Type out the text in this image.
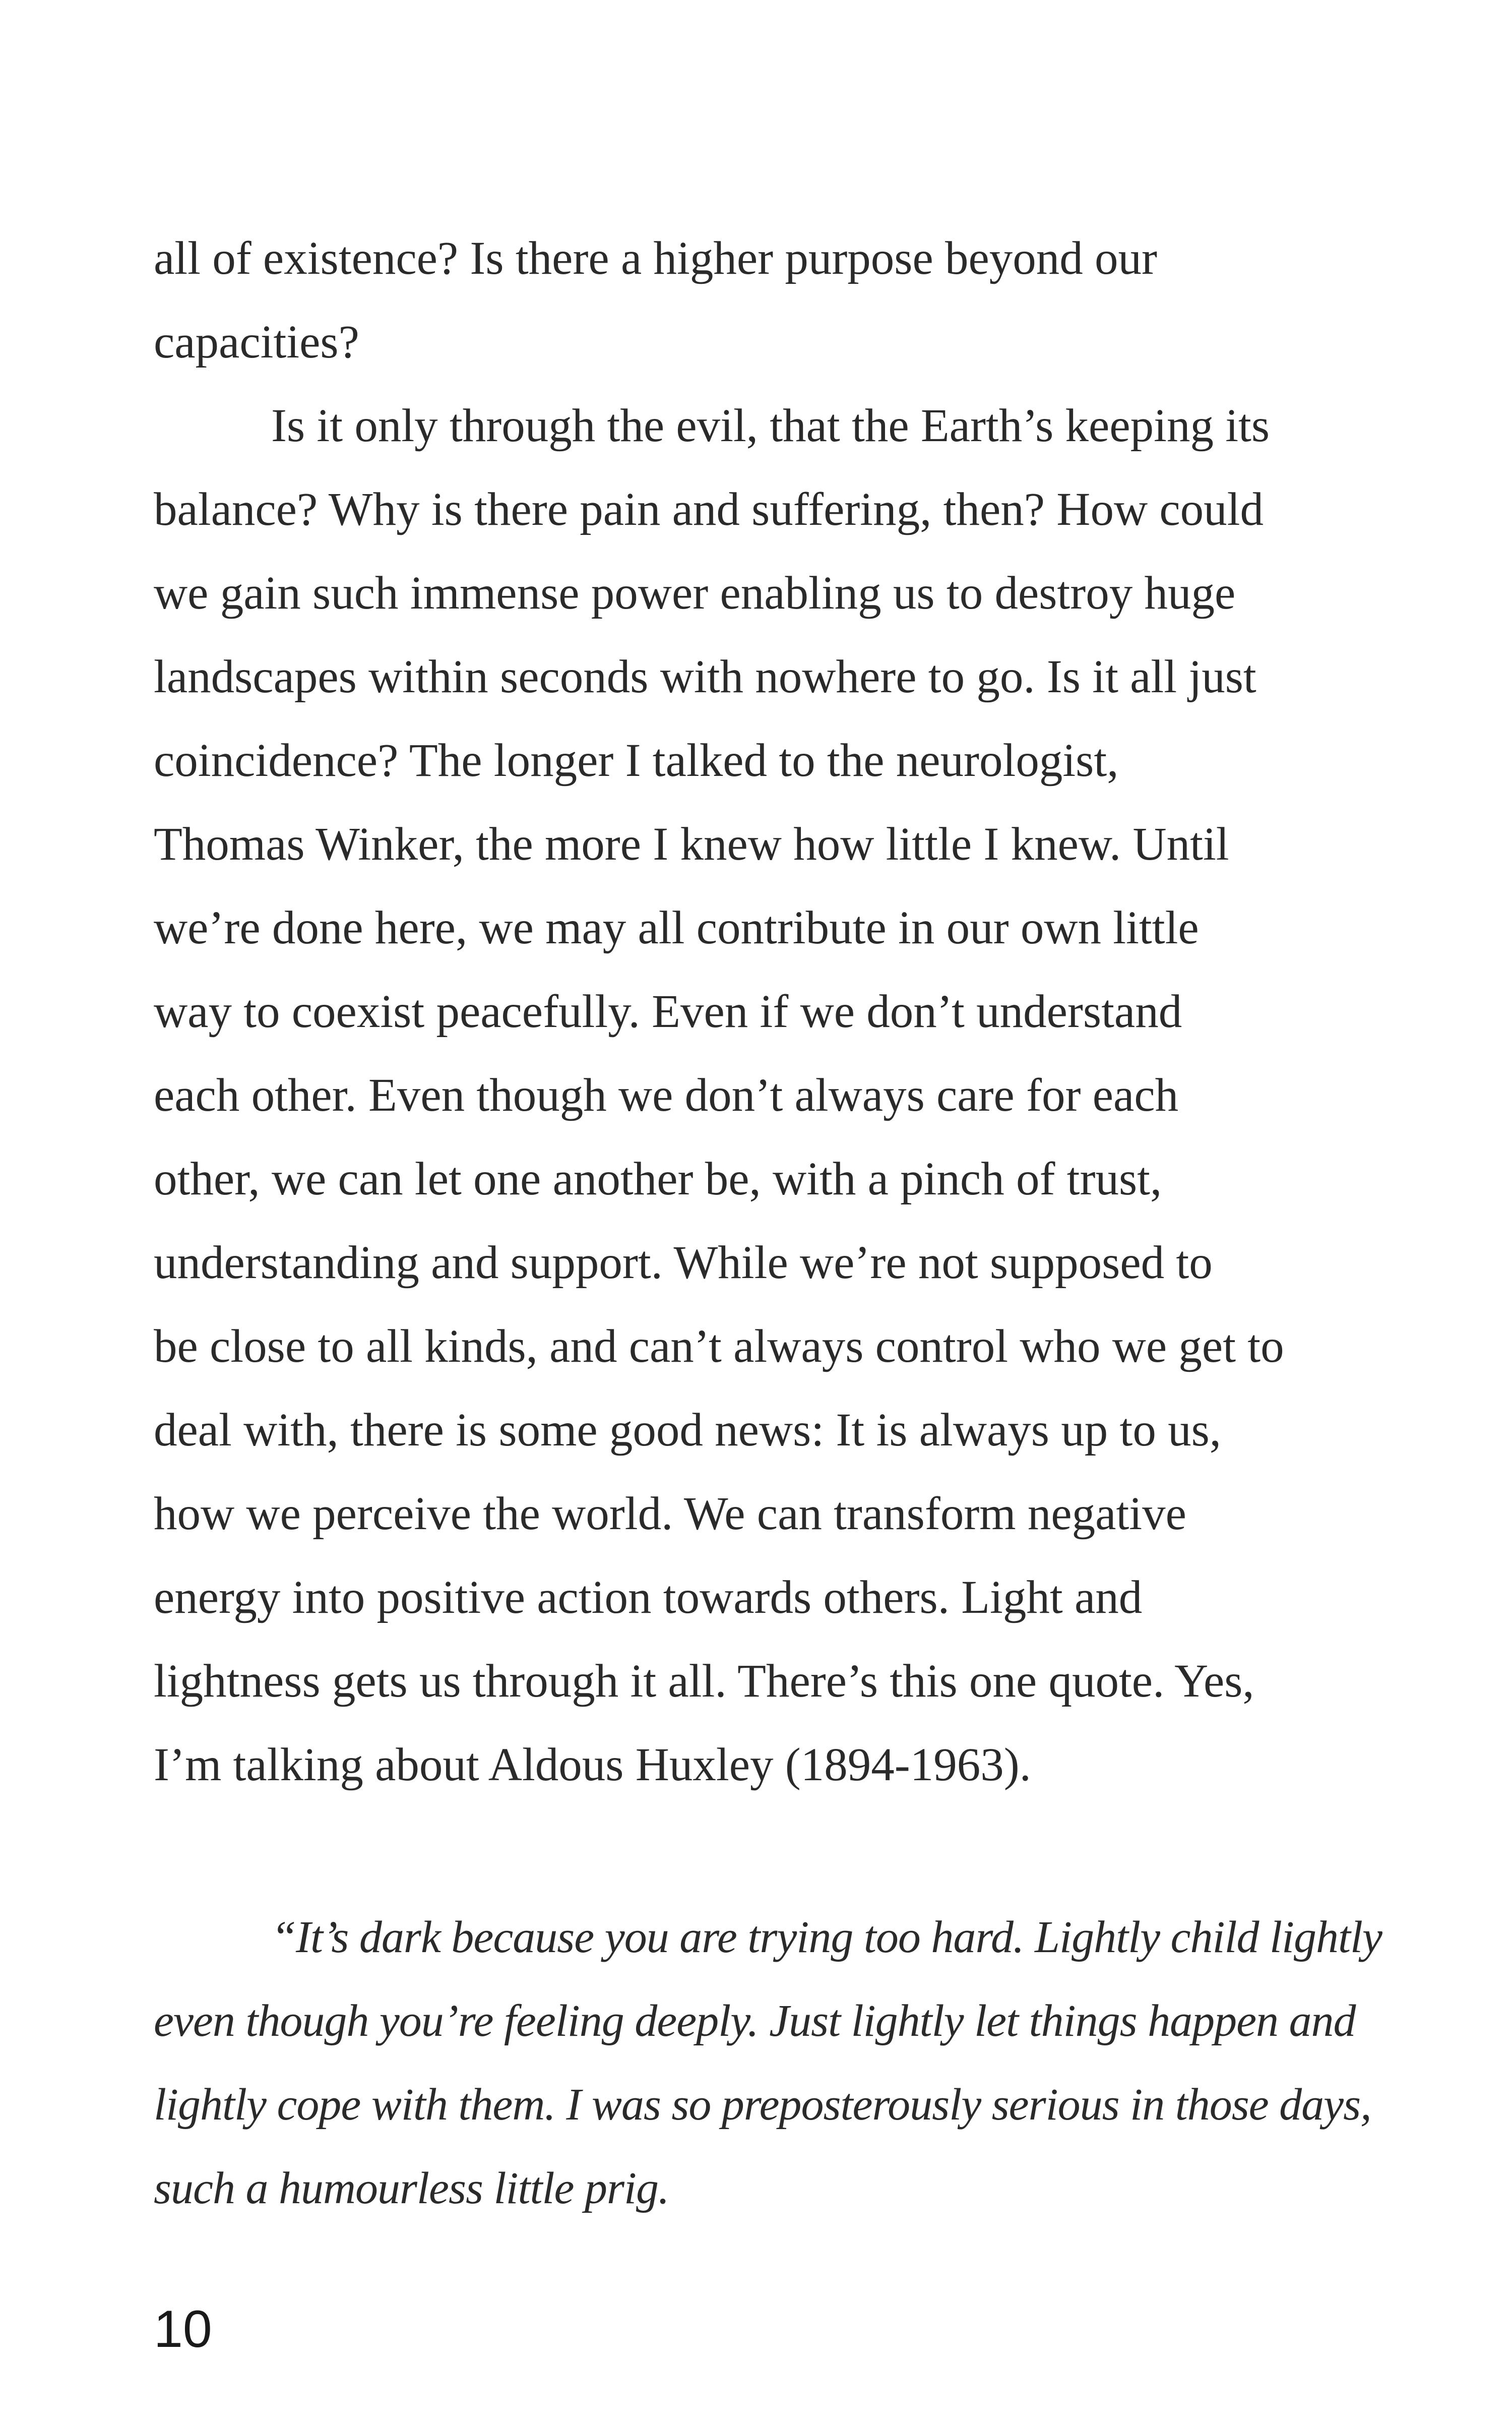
all of existence? Is there a higher purpose beyond our
capacities?
Is it only through the evil, that the Earth’s keeping its
balance? Why is there pain and suffering, then? How could
we gain such immense power enabling us to destroy huge
landscapes within seconds with nowhere to go. Is it all just
coincidence? The longer I talked to the neurologist,
Thomas Winker, the more I knew how little I knew. Until
we’re done here, we may all contribute in our own little
way to coexist peacefully. Even if we don’t understand
each other. Even though we don’t always care for each
other, we can let one another be, with a pinch of trust,
understanding and support. While we’re not supposed to
be close to all kinds, and can’t always control who we get to
deal with, there is some good news: It is always up to us,
how we perceive the world. We can transform negative
energy into positive action towards others. Light and
lightness gets us through it all. There’s this one quote. Yes,
I’m talking about Aldous Huxley (1894-1963).
“It’s dark because you are trying too hard. Lightly child lightly
even though you’re feeling deeply. Just lightly let things happen and
lightly cope with them. I was so preposterously serious in those days,
such a humourless little prig.
10
